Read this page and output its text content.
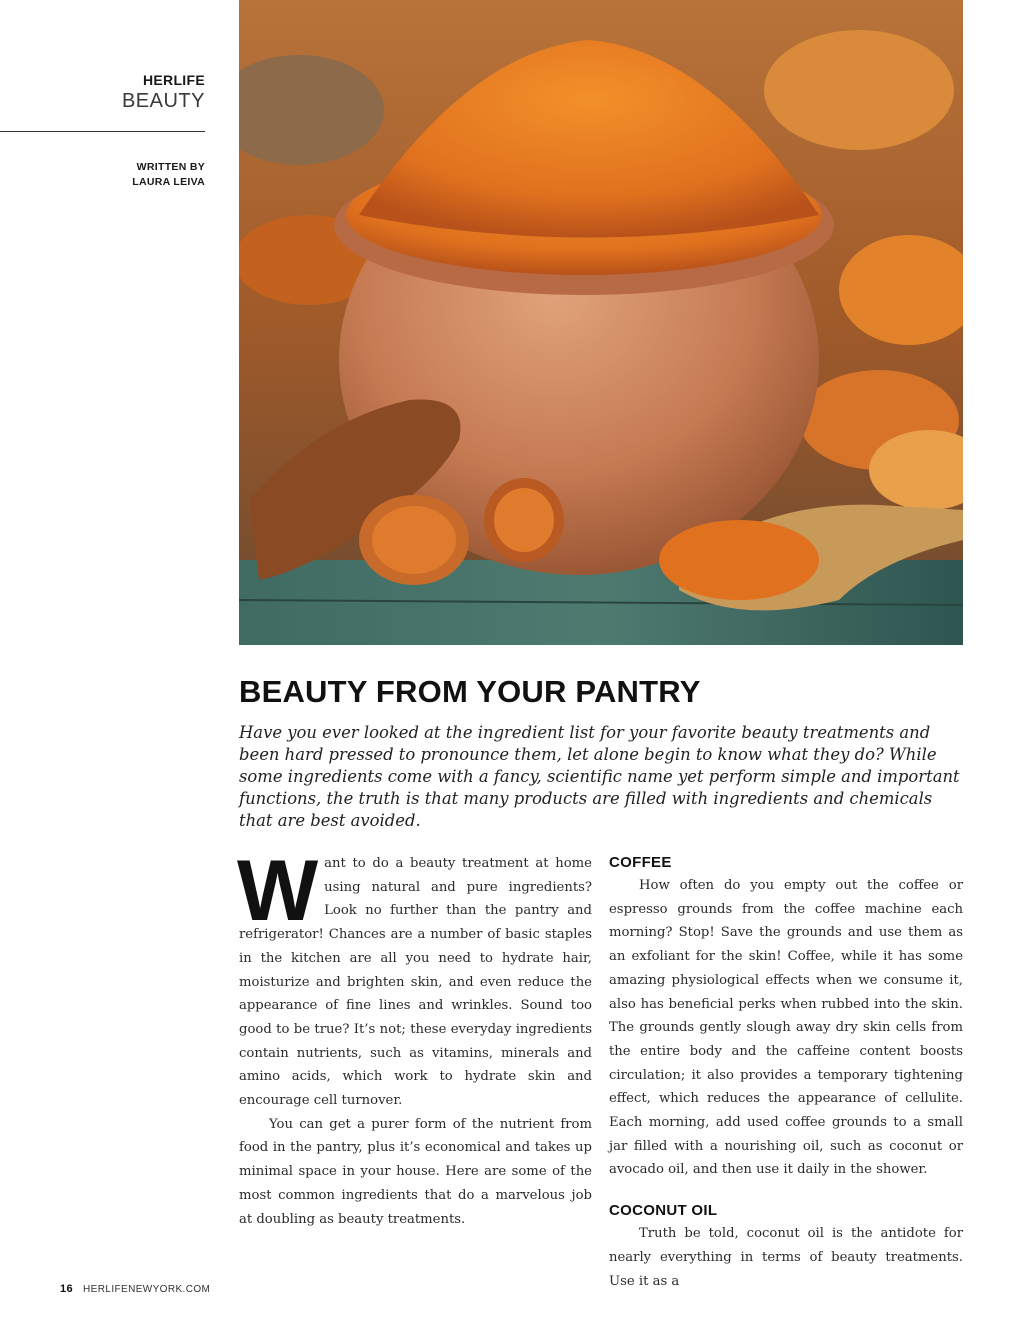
HERLIFE
BEAUTY
WRITTEN BY
LAURA LEIVA
BEAUTY FROM YOUR PANTRY

Have you ever looked at the ingredient list for your favorite beauty treatments and been hard pressed to pronounce them, let alone begin to know what they do? While some ingredients come with a fancy, scientific name yet perform simple and important functions, the truth is that many products are filled with ingredients and chemicals that are best avoided.

Want to do a beauty treatment at home using natural and pure ingredients? Look no further than the pantry and refrigerator! Chances are a number of basic staples in the kitchen are all you need to hydrate hair, moisturize and brighten skin, and even reduce the appearance of fine lines and wrinkles. Sound too good to be true? It’s not; these everyday ingredients contain nutrients, such as vitamins, minerals and amino acids, which work to hydrate skin and encourage cell turnover.

You can get a purer form of the nutrient from food in the pantry, plus it’s economical and takes up minimal space in your house. Here are some of the most common ingredients that do a marvelous job at doubling as beauty treatments.

COFFEE

How often do you empty out the coffee or espresso grounds from the coffee machine each morning? Stop! Save the grounds and use them as an exfoliant for the skin! Coffee, while it has some amazing physiological effects when we consume it, also has beneficial perks when rubbed into the skin. The grounds gently slough away dry skin cells from the entire body and the caffeine content boosts circulation; it also provides a temporary tightening effect, which reduces the appearance of cellulite. Each morning, add used coffee grounds to a small jar filled with a nourishing oil, such as coconut or avocado oil, and then use it daily in the shower.

COCONUT OIL

Truth be told, coconut oil is the antidote for nearly everything in terms of beauty treatments. Use it as a

16 HERLIFENEWYORK.COM
